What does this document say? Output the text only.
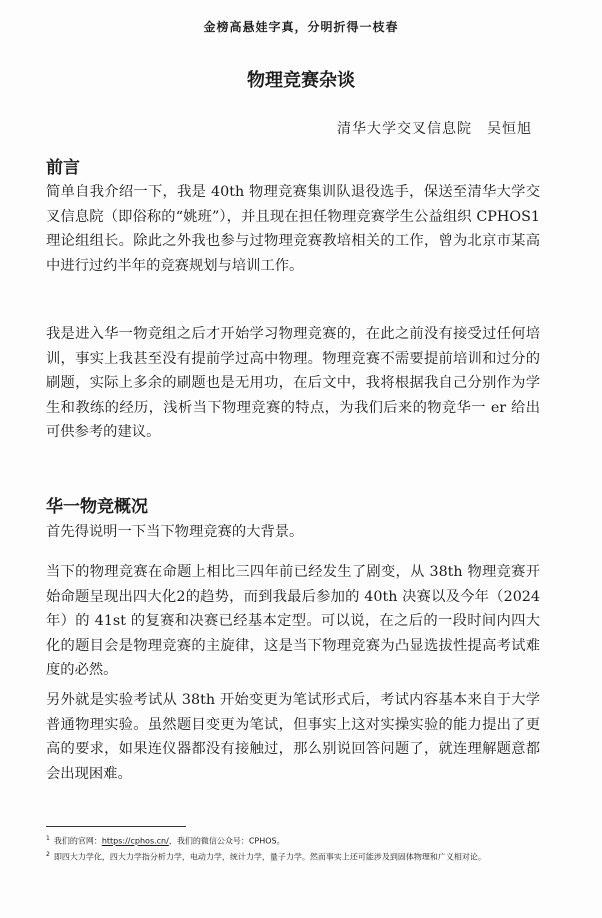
金榜高悬娃字真，分明折得一枝春
物理竞赛杂谈
清华大学交叉信息院　吴恒旭
前言

简单自我介绍一下，我是 40th 物理竞赛集训队退役选手，保送至清华大学交叉信息院（即俗称的“姚班”），并且现在担任物理竞赛学生公益组织 CPHOS1理论组组长。除此之外我也参与过物理竞赛教培相关的工作，曾为北京市某高中进行过约半年的竞赛规划与培训工作。

我是进入华一物竞组之后才开始学习物理竞赛的，在此之前没有接受过任何培训，事实上我甚至没有提前学过高中物理。物理竞赛不需要提前培训和过分的刷题，实际上多余的刷题也是无用功，在后文中，我将根据我自己分别作为学生和教练的经历，浅析当下物理竞赛的特点，为我们后来的物竞华一 er 给出可供参考的建议。

华一物竞概况

首先得说明一下当下物理竞赛的大背景。

当下的物理竞赛在命题上相比三四年前已经发生了剧变，从 38th 物理竞赛开始命题呈现出四大化2的趋势，而到我最后参加的 40th 决赛以及今年（2024 年）的 41st 的复赛和决赛已经基本定型。可以说，在之后的一段时间内四大化的题目会是物理竞赛的主旋律，这是当下物理竞赛为凸显选拔性提高考试难度的必然。

另外就是实验考试从 38th 开始变更为笔试形式后，考试内容基本来自于大学普通物理实验。虽然题目变更为笔试，但事实上这对实操实验的能力提出了更高的要求，如果连仪器都没有接触过，那么别说回答问题了，就连理解题意都会出现困难。

$^1$ 我们的官网：https://cphos.cn/，我们的微信公众号：CPHOS。

$^2$ 即四大力学化，四大力学指分析力学，电动力学，统计力学，量子力学。然而事实上还可能涉及到固体物理和广义相对论。
